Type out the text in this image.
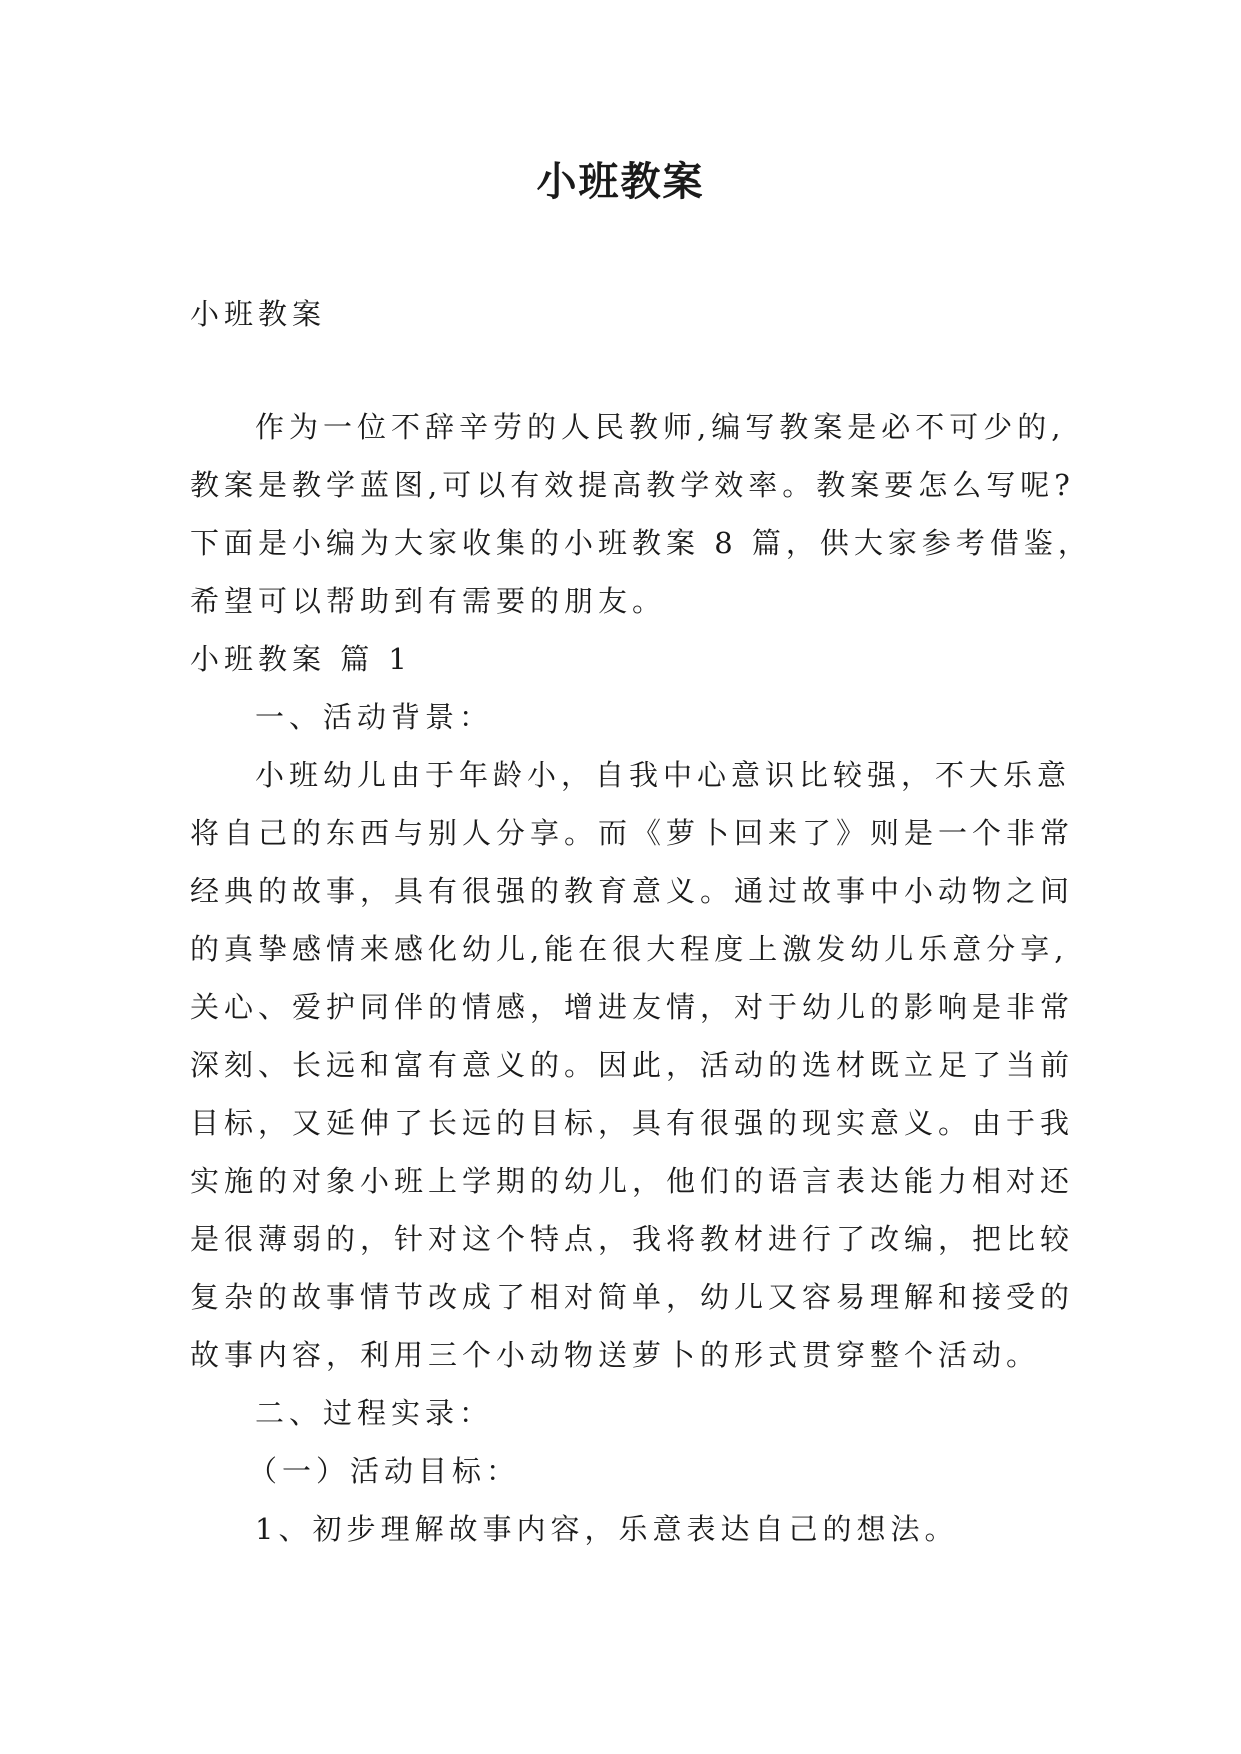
小班教案

小班教案

作为一位不辞辛劳的人民教师,编写教案是必不可少的,

教案是教学蓝图,可以有效提高教学效率。教案要怎么写呢?

下面是小编为大家收集的小班教案 8 篇，供大家参考借鉴，

希望可以帮助到有需要的朋友。

小班教案 篇 1

一、活动背景：

小班幼儿由于年龄小，自我中心意识比较强，不大乐意

将自己的东西与别人分享。而《萝卜回来了》则是一个非常

经典的故事，具有很强的教育意义。通过故事中小动物之间

的真挚感情来感化幼儿,能在很大程度上激发幼儿乐意分享,

关心、爱护同伴的情感，增进友情，对于幼儿的影响是非常

深刻、长远和富有意义的。因此，活动的选材既立足了当前

目标，又延伸了长远的目标，具有很强的现实意义。由于我

实施的对象小班上学期的幼儿，他们的语言表达能力相对还

是很薄弱的，针对这个特点，我将教材进行了改编，把比较

复杂的故事情节改成了相对简单，幼儿又容易理解和接受的

故事内容，利用三个小动物送萝卜的形式贯穿整个活动。

二、过程实录：

（一）活动目标：

1、初步理解故事内容，乐意表达自己的想法。
